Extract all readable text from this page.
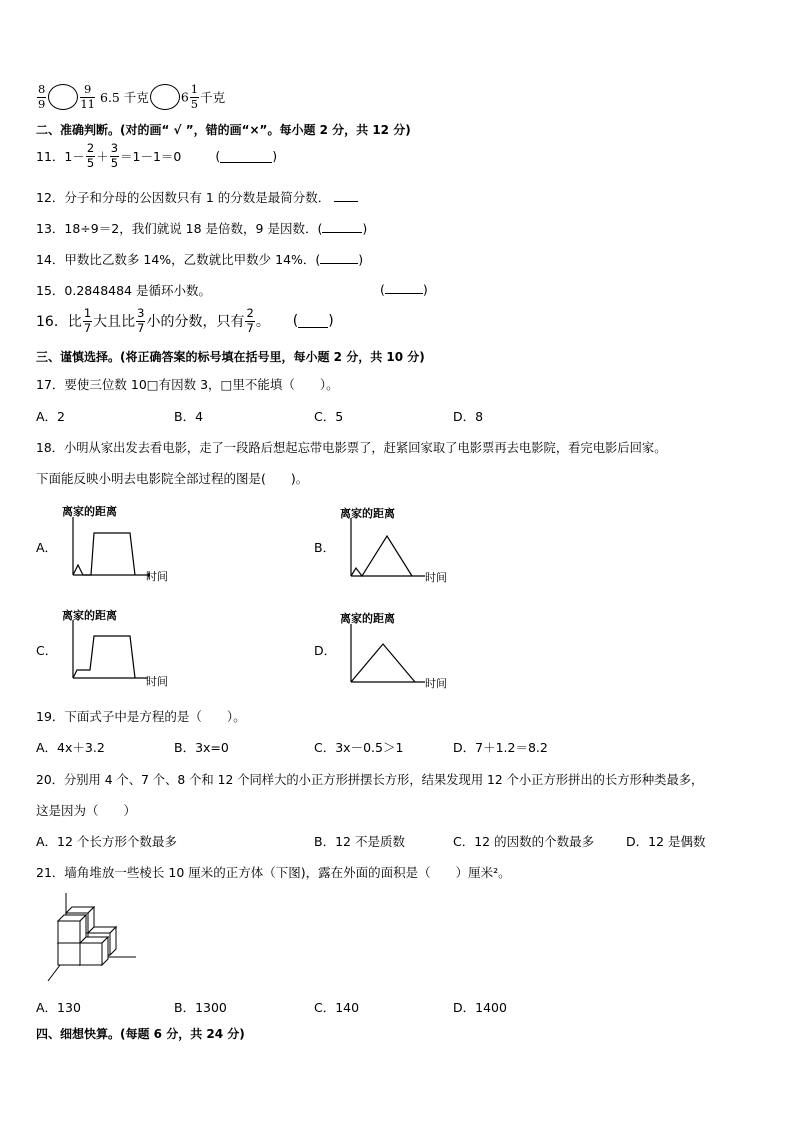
$\frac{8}{9}$	$\frac{9}{11} 6.5$ 千克	$6 \frac{1}{5}$ 千克
二、准确判断。(对的画“ √ ”，错的画“×”。每小题 2 分，共 12 分)
11．$1- \frac{2}{5} + \frac{3}{5} =1-1=0$	(	)
12．分子和分母的公因数只有 1 的分数是最简分数．
13．18÷9＝2，我们就说 18 是倍数，9 是因数．(	)
14．甲数比乙数多 14%，乙数就比甲数少 14%．(	)
15．0.2848484 是循环小数。	(	)
16．比 $\frac{1}{7}$ 大且比 $\frac{3}{7}$ 小的分数，只有 $\frac{2}{7}$ 。 ( )
三、谨慎选择。(将正确答案的标号填在括号里，每小题 2 分，共 10 分)
17．要使三位数 10□有因数 3，□里不能填（　　）。
A．2	B．4	C．5	D．8
18．小明从家出发去看电影，走了一段路后想起忘带电影票了，赶紧回家取了电影票再去电影院，看完电影后回家。
下面能反映小明去电影院全部过程的图是(　　)。
A．
离家的距离
时间
B．
离家的距离
时间
C．
离家的距离
时间
D．
离家的距离
时间
19．下面式子中是方程的是（　　）。
A．4x＋3.2	B．3x=0	C．3x－0.5＞1	D．7＋1.2＝8.2
20．分别用 4 个、7 个、8 个和 12 个同样大的小正方形拼摆长方形，结果发现用 12 个小正方形拼出的长方形种类最多，
这是因为（　　）
A．12 个长方形个数最多	B．12 不是质数	C．12 的因数的个数最多	D．12 是偶数
21．墙角堆放一些棱长 10 厘米的正方体（下图)，露在外面的面积是（　　）厘米²。
A．130	B．1300	C．140	D．1400
四、细想快算。(每题 6 分，共 24 分)
